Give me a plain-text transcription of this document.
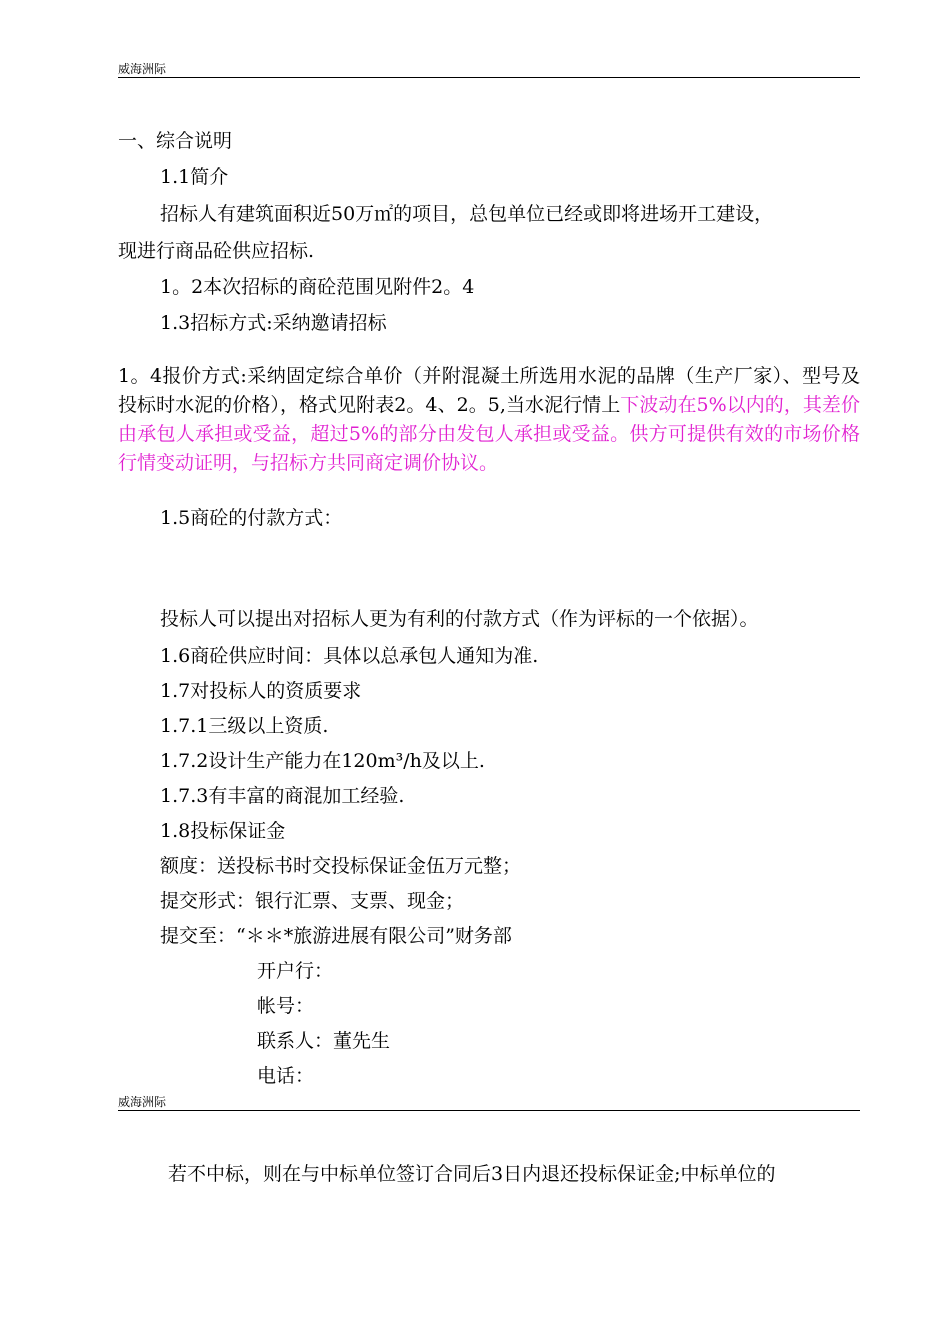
威海洲际
一、综合说明
1.1简介
招标人有建筑面积近50万㎡的项目，总包单位已经或即将进场开工建设，
现进行商品砼供应招标.
1。2本次招标的商砼范围见附件2。4
1.3招标方式:采纳邀请招标
1。4报价方式:采纳固定综合单价（并附混凝土所选用水泥的品牌（生产厂家）、型号及投标时水泥的价格），格式见附表2。4、2。5,当水泥行情上下波动在5%以内的，其差价由承包人承担或受益，超过5%的部分由发包人承担或受益。供方可提供有效的市场价格行情变动证明，与招标方共同商定调价协议。
1.5商砼的付款方式：
投标人可以提出对招标人更为有利的付款方式（作为评标的一个依据）。
1.6商砼供应时间：具体以总承包人通知为准.
1.7对投标人的资质要求
1.7.1三级以上资质.
1.7.2设计生产能力在120m³/h及以上.
1.7.3有丰富的商混加工经验.
1.8投标保证金
额度：送投标书时交投标保证金伍万元整；
提交形式：银行汇票、支票、现金；
提交至：“＊＊*旅游进展有限公司”财务部
开户行：
帐号：
联系人：董先生
电话：
威海洲际
若不中标，则在与中标单位签订合同后3日内退还投标保证金;中标单位的
